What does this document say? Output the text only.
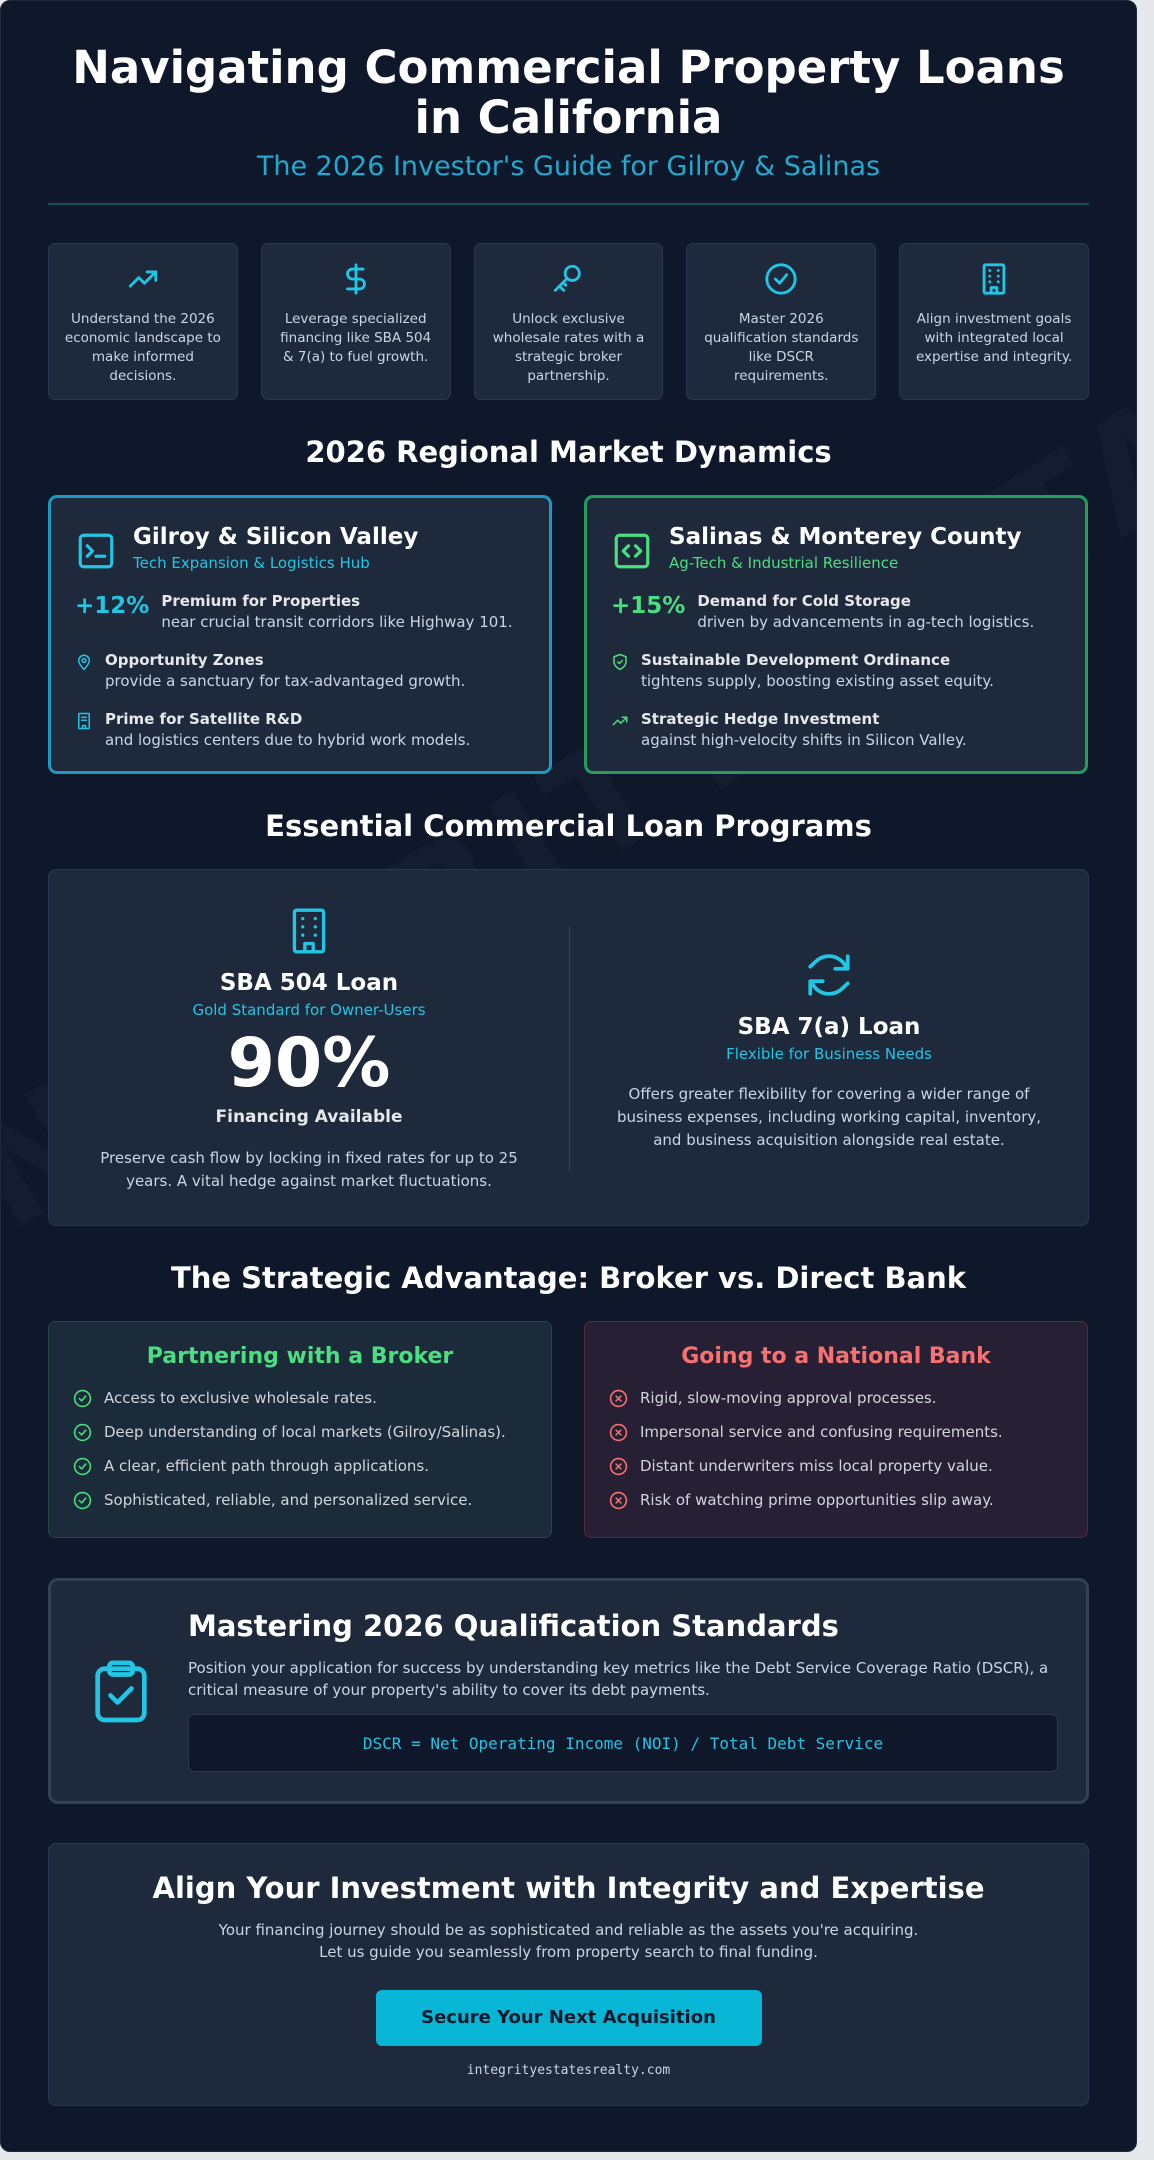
Navigating Commercial Property Loans in California
The 2026 Investor's Guide for Gilroy & Salinas

Understand the 2026 economic landscape to make informed decisions.

Leverage specialized financing like SBA 504 & 7(a) to fuel growth.

Unlock exclusive wholesale rates with a strategic broker partnership.

Master 2026 qualification standards like DSCR requirements.

Align investment goals with integrated local expertise and integrity.

2026 Regional Market Dynamics
Gilroy & Silicon Valley
Tech Expansion & Logistics Hub
+12% Premium for Properties
near crucial transit corridors like Highway 101.
Opportunity Zones
provide a sanctuary for tax-advantaged growth.
Prime for Satellite R&D
and logistics centers due to hybrid work models.
Salinas & Monterey County
Ag-Tech & Industrial Resilience
+15% Demand for Cold Storage
driven by advancements in ag-tech logistics.
Sustainable Development Ordinance
tightens supply, boosting existing asset equity.
Strategic Hedge Investment
against high-velocity shifts in Silicon Valley.
Essential Commercial Loan Programs
SBA 504 Loan
Gold Standard for Owner-Users
90%
Financing Available
Preserve cash flow by locking in fixed rates for up to 25 years. A vital hedge against market fluctuations.
SBA 7(a) Loan
Flexible for Business Needs
Offers greater flexibility for covering a wider range of business expenses, including working capital, inventory, and business acquisition alongside real estate.
The Strategic Advantage: Broker vs. Direct Bank
Partnering with a Broker
Access to exclusive wholesale rates.
Deep understanding of local markets (Gilroy/Salinas).
A clear, efficient path through applications.
Sophisticated, reliable, and personalized service.
Going to a National Bank
Rigid, slow-moving approval processes.
Impersonal service and confusing requirements.
Distant underwriters miss local property value.
Risk of watching prime opportunities slip away.
Mastering 2026 Qualification Standards

Position your application for success by understanding key metrics like the Debt Service Coverage Ratio (DSCR), a critical measure of your property's ability to cover its debt payments.

DSCR = Net Operating Income (NOI) / Total Debt Service
Align Your Investment with Integrity and Expertise
Your financing journey should be as sophisticated and reliable as the assets you're acquiring.
Let us guide you seamlessly from property search to final funding.
Secure Your Next Acquisition
integrityestatesrealty.com
